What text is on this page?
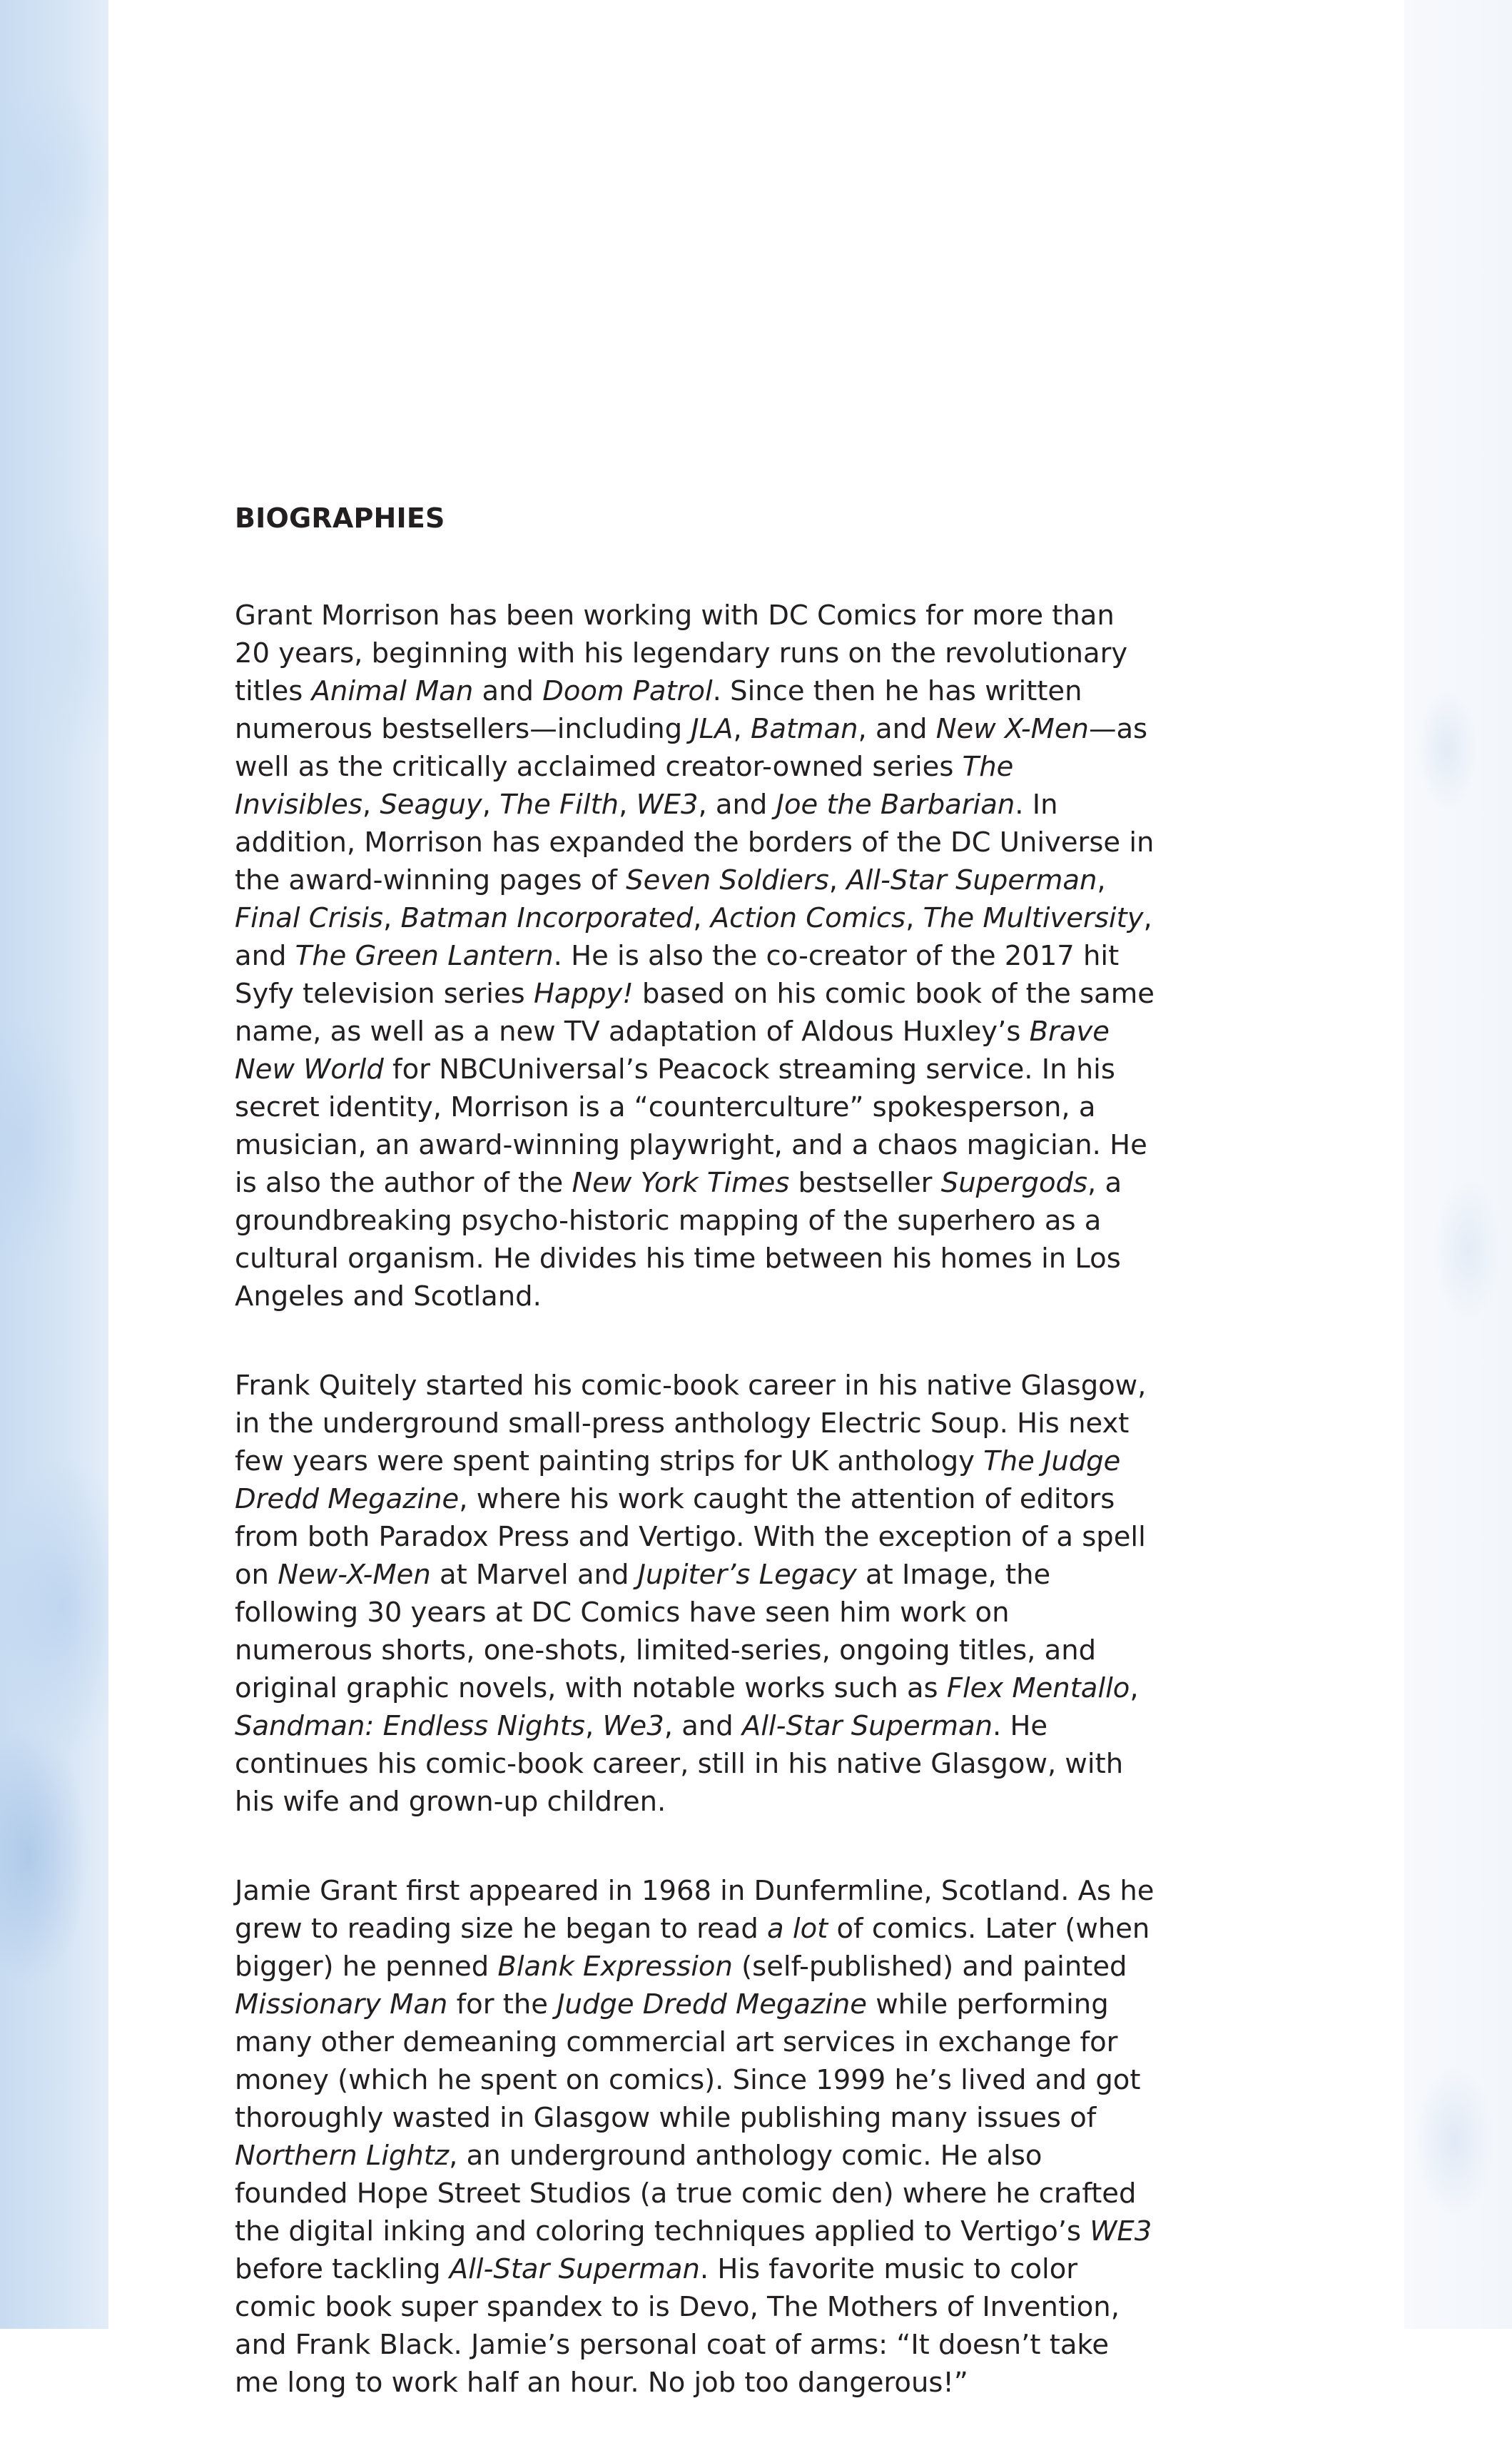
BIOGRAPHIES

Grant Morrison has been working with DC Comics for more than 20 years, beginning with his legendary runs on the revolutionary titles Animal Man and Doom Patrol. Since then he has written numerous bestsellers—including JLA, Batman, and New X-Men—as well as the critically acclaimed creator-owned series The Invisibles, Seaguy, The Filth, WE3, and Joe the Barbarian. In addition, Morrison has expanded the borders of the DC Universe in the award-winning pages of Seven Soldiers, All-Star Superman, Final Crisis, Batman Incorporated, Action Comics, The Multiversity, and The Green Lantern. He is also the co-creator of the 2017 hit Syfy television series Happy! based on his comic book of the same name, as well as a new TV adaptation of Aldous Huxley’s Brave New World for NBCUniversal’s Peacock streaming service. In his secret identity, Morrison is a “counterculture” spokesperson, a musician, an award-winning playwright, and a chaos magician. He is also the author of the New York Times bestseller Supergods, a groundbreaking psycho-historic mapping of the superhero as a cultural organism. He divides his time between his homes in Los Angeles and Scotland.

Frank Quitely started his comic-book career in his native Glasgow, in the underground small-press anthology Electric Soup. His next few years were spent painting strips for UK anthology The Judge Dredd Megazine, where his work caught the attention of editors from both Paradox Press and Vertigo. With the exception of a spell on New-X-Men at Marvel and Jupiter’s Legacy at Image, the following 30 years at DC Comics have seen him work on numerous shorts, one-shots, limited-series, ongoing titles, and original graphic novels, with notable works such as Flex Mentallo, Sandman: Endless Nights, We3, and All-Star Superman. He continues his comic-book career, still in his native Glasgow, with his wife and grown-up children.

Jamie Grant first appeared in 1968 in Dunfermline, Scotland. As he grew to reading size he began to read a lot of comics. Later (when bigger) he penned Blank Expression (self-published) and painted Missionary Man for the Judge Dredd Megazine while performing many other demeaning commercial art services in exchange for money (which he spent on comics). Since 1999 he’s lived and got thoroughly wasted in Glasgow while publishing many issues of Northern Lightz, an underground anthology comic. He also founded Hope Street Studios (a true comic den) where he crafted the digital inking and coloring techniques applied to Vertigo’s WE3 before tackling All-Star Superman. His favorite music to color comic book super spandex to is Devo, The Mothers of Invention, and Frank Black. Jamie’s personal coat of arms: “It doesn’t take me long to work half an hour. No job too dangerous!”
